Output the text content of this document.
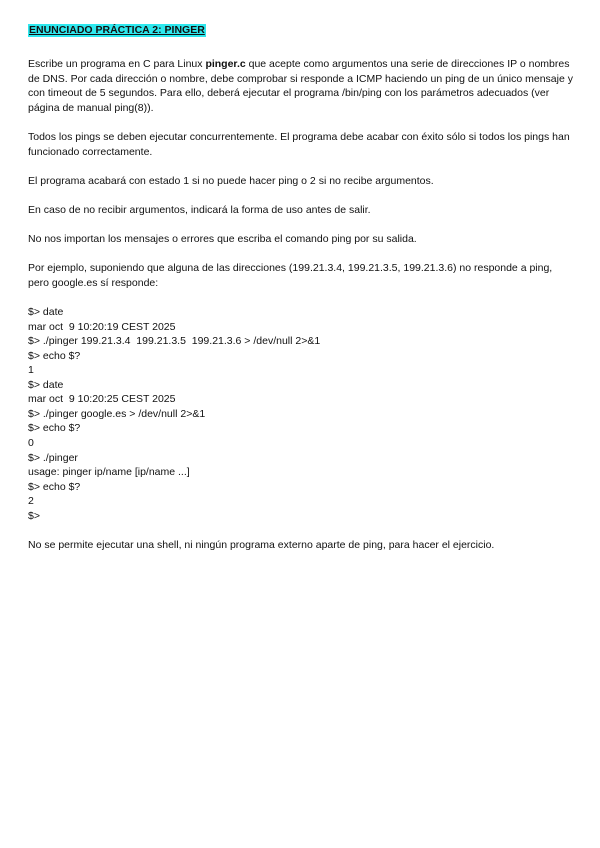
ENUNCIADO PRÁCTICA 2: PINGER

Escribe un programa en C para Linux pinger.c que acepte como argumentos una serie de direcciones IP o nombres de DNS. Por cada dirección o nombre, debe comprobar si responde a ICMP haciendo un ping de un único mensaje y con timeout de 5 segundos. Para ello, deberá ejecutar el programa /bin/ping con los parámetros adecuados (ver página de manual ping(8)).

Todos los pings se deben ejecutar concurrentemente. El programa debe acabar con éxito sólo si todos los pings han funcionado correctamente.

El programa acabará con estado 1 si no puede hacer ping o 2 si no recibe argumentos.

En caso de no recibir argumentos, indicará la forma de uso antes de salir.

No nos importan los mensajes o errores que escriba el comando ping por su salida.

Por ejemplo, suponiendo que alguna de las direcciones (199.21.3.4, 199.21.3.5, 199.21.3.6) no responde a ping, pero google.es sí responde:

$> date
mar oct  9 10:20:19 CEST 2025
$> ./pinger 199.21.3.4  199.21.3.5  199.21.3.6 > /dev/null 2>&1
$> echo $?
1
$> date
mar oct  9 10:20:25 CEST 2025
$> ./pinger google.es > /dev/null 2>&1
$> echo $?
0
$> ./pinger
usage: pinger ip/name [ip/name ...]
$> echo $?
2
$>

No se permite ejecutar una shell, ni ningún programa externo aparte de ping, para hacer el ejercicio.
